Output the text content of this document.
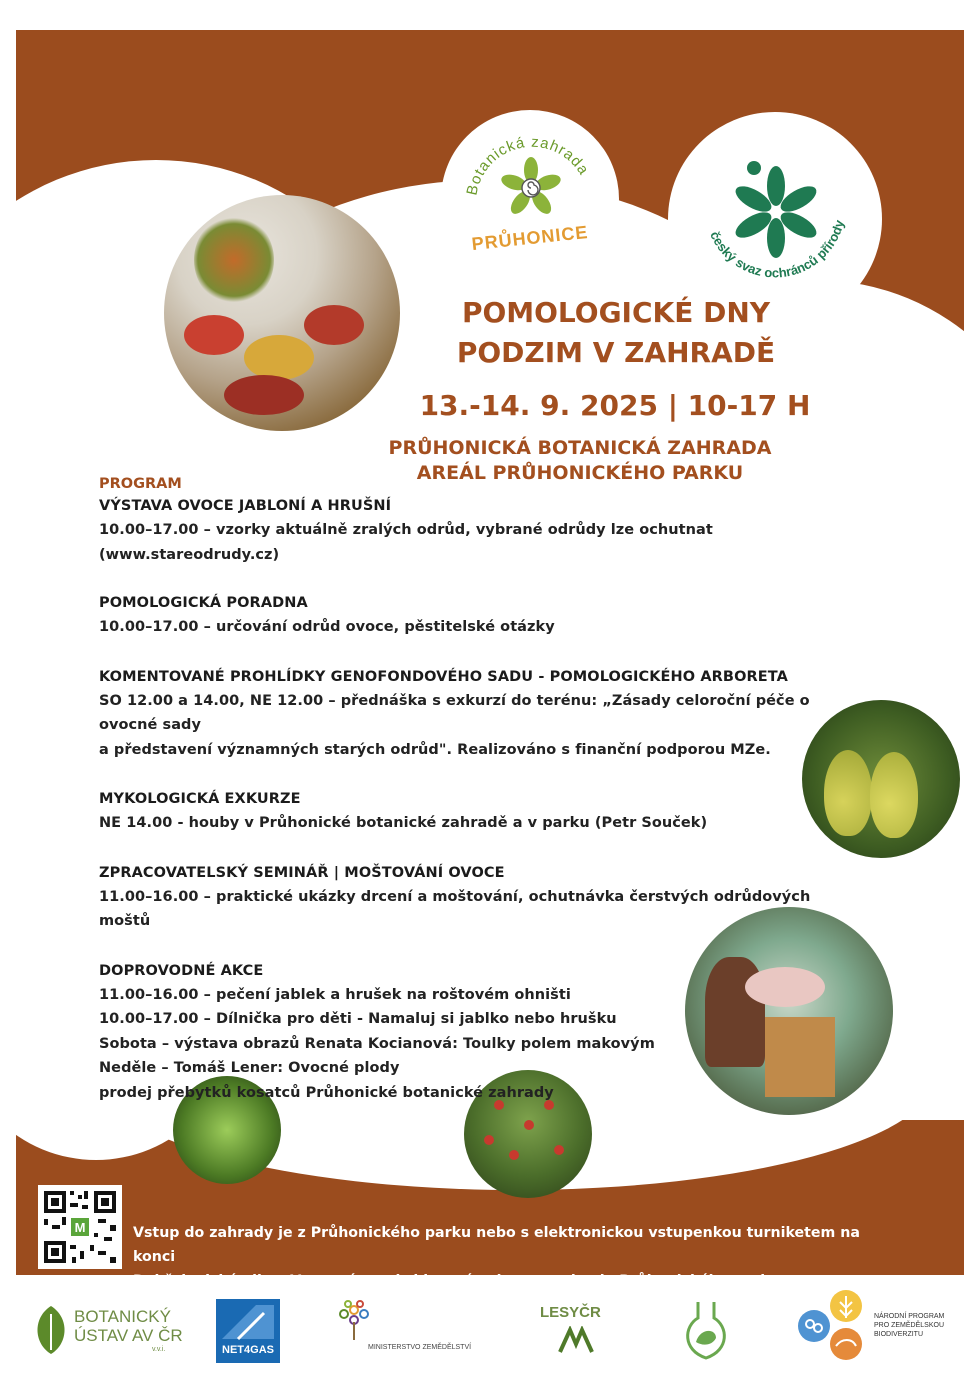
Botanická zahrada
PRŮHONICE	český svaz ochránců přírody
POMOLOGICKÉ DNY
PODZIM V ZAHRADĚ
13.-14. 9. 2025 | 10-17 H
PRŮHONICKÁ BOTANICKÁ ZAHRADA
AREÁL PRŮHONICKÉHO PARKU
PROGRAM
VÝSTAVA OVOCE JABLONÍ A HRUŠNÍ
10.00–17.00 – vzorky aktuálně zralých odrůd, vybrané odrůdy lze ochutnat (www.stareodrudy.cz)
POMOLOGICKÁ PORADNA
10.00–17.00 – určování odrůd ovoce, pěstitelské otázky
KOMENTOVANÉ PROHLÍDKY GENOFONDOVÉHO SADU - POMOLOGICKÉHO ARBORETA
SO 12.00 a 14.00, NE 12.00 – přednáška s exkurzí do terénu: „Zásady celoroční péče o ovocné sady
a představení významných starých odrůd". Realizováno s finanční podporou MZe.
MYKOLOGICKÁ EXKURZE
NE 14.00 - houby v Průhonické botanické zahradě a v parku (Petr Souček)
ZPRACOVATELSKÝ SEMINÁŘ | MOŠTOVÁNÍ OVOCE
11.00–16.00 – praktické ukázky drcení a moštování, ochutnávka čerstvých odrůdových moštů
DOPROVODNÉ AKCE
11.00–16.00 – pečení jablek a hrušek na roštovém ohništi
10.00–17.00 – Dílnička pro děti - Namaluj si jablko nebo hrušku
Sobota – výstava obrazů Renata Kocianová: Toulky polem makovým
Neděle – Tomáš Lener: Ovocné plody
prodej přebytků kosatců Průhonické botanické zahrady
M	Vstup do zahrady je z Průhonického parku nebo s elektronickou vstupenkou turniketem na konci
Dobřejovické ulice. Vstupné na akci je v rámci vstupenky do Průhonického parku.
BOTANICKÝ
ÚSTAV AV ČR
v.v.i.	NET4GAS	MINISTERSTVO ZEMĚDĚLSTVÍ
LESYČR	NÁRODNÍ PROGRAM
PRO ZEMĚDĚLSKOU
BIODIVERZITU
